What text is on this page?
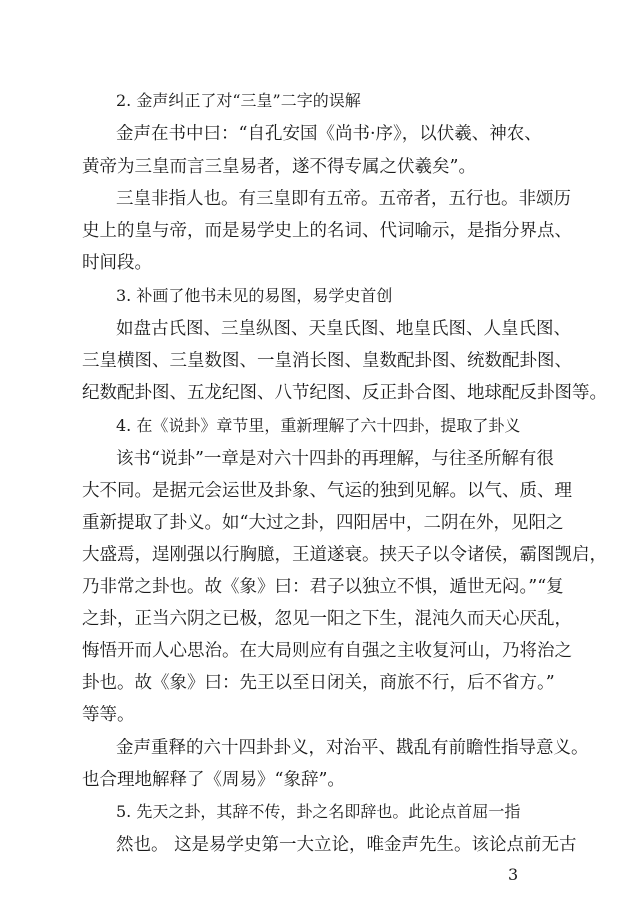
2. 金声纠正了对“三皇”二字的误解
金声在书中曰：“自孔安国《尚书·序》，以伏羲、神农、
黄帝为三皇而言三皇易者，遂不得专属之伏羲矣”。
三皇非指人也。有三皇即有五帝。五帝者，五行也。非颂历
史上的皇与帝，而是易学史上的名词、代词喻示，是指分界点、
时间段。
3. 补画了他书未见的易图，易学史首创
如盘古氏图、三皇纵图、天皇氏图、地皇氏图、人皇氏图、
三皇横图、三皇数图、一皇消长图、皇数配卦图、统数配卦图、
纪数配卦图、五龙纪图、八节纪图、反正卦合图、地球配反卦图等。
4. 在《说卦》章节里，重新理解了六十四卦，提取了卦义
该书“说卦”一章是对六十四卦的再理解，与往圣所解有很
大不同。是据元会运世及卦象、气运的独到见解。以气、质、理
重新提取了卦义。如“大过之卦，四阳居中，二阴在外，见阳之
大盛焉，逞刚强以行胸臆，王道遂衰。挟天子以令诸侯，霸图觊启，
乃非常之卦也。故《象》曰：君子以独立不惧，遁世无闷。”“复
之卦，正当六阴之已极，忽见一阳之下生，混沌久而天心厌乱，
悔悟开而人心思治。在大局则应有自强之主收复河山，乃将治之
卦也。故《象》曰：先王以至日闭关，商旅不行，后不省方。”
等等。
金声重释的六十四卦卦义，对治平、戡乱有前瞻性指导意义。
也合理地解释了《周易》“象辞”。
5. 先天之卦，其辞不传，卦之名即辞也。此论点首屈一指
然也。 这是易学史第一大立论，唯金声先生。该论点前无古
3
